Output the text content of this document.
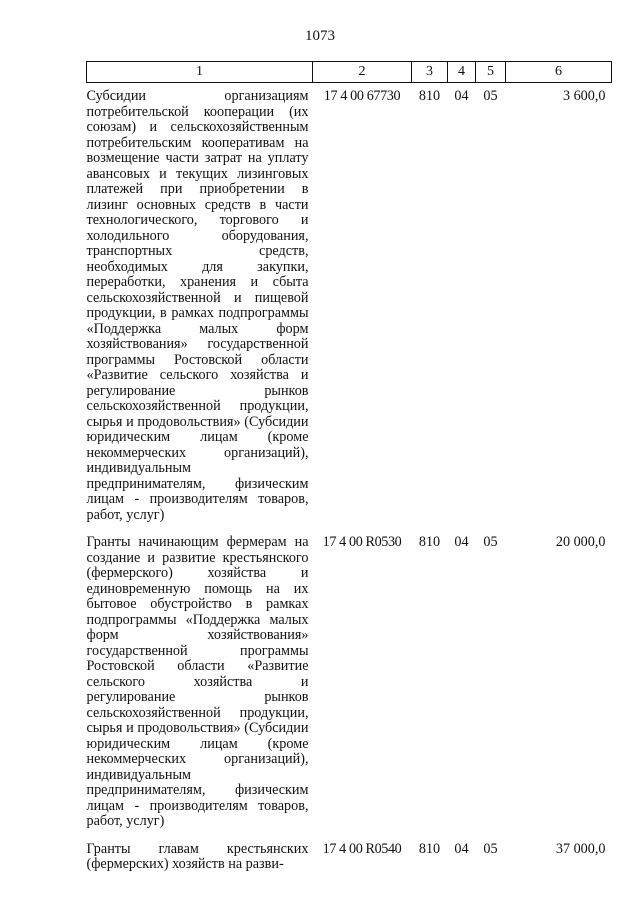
1073
1	2	3	4	5	6
Субсидии организациям потребительской кооперации (их союзам) и сельскохозяйственным потребительским кооперативам на возмещение части затрат на уплату авансовых и текущих лизинговых платежей при приобретении в лизинг основных средств в части технологического, торгового и холодильного оборудования, транспортных средств, необходимых для закупки, переработки, хранения и сбыта сельскохозяйственной и пищевой продукции, в рамках подпрограммы «Поддержка малых форм хозяйствования» государственной программы Ростовской области «Развитие сельского хозяйства и регулирование рынков сельскохозяйственной продукции, сырья и продовольствия» (Субсидии юридическим лицам (кроме некоммерческих организаций), индивидуальным предпринимателям, физическим лицам - производителям товаров, работ, услуг)	17 4 00 67730	810	04	05	3 600,0
Гранты начинающим фермерам на создание и развитие крестьянского (фермерского) хозяйства и единовременную помощь на их бытовое обустройство в рамках подпрограммы «Поддержка малых форм хозяйствования» государственной программы Ростовской области «Развитие сельского хозяйства и регулирование рынков сельскохозяйственной продукции, сырья и продовольствия» (Субсидии юридическим лицам (кроме некоммерческих организаций), индивидуальным предпринимателям, физическим лицам - производителям товаров, работ, услуг)	17 4 00 R0530	810	04	05	20 000,0
Гранты главам крестьянских (фермерских) хозяйств на разви-	17 4 00 R0540	810	04	05	37 000,0
